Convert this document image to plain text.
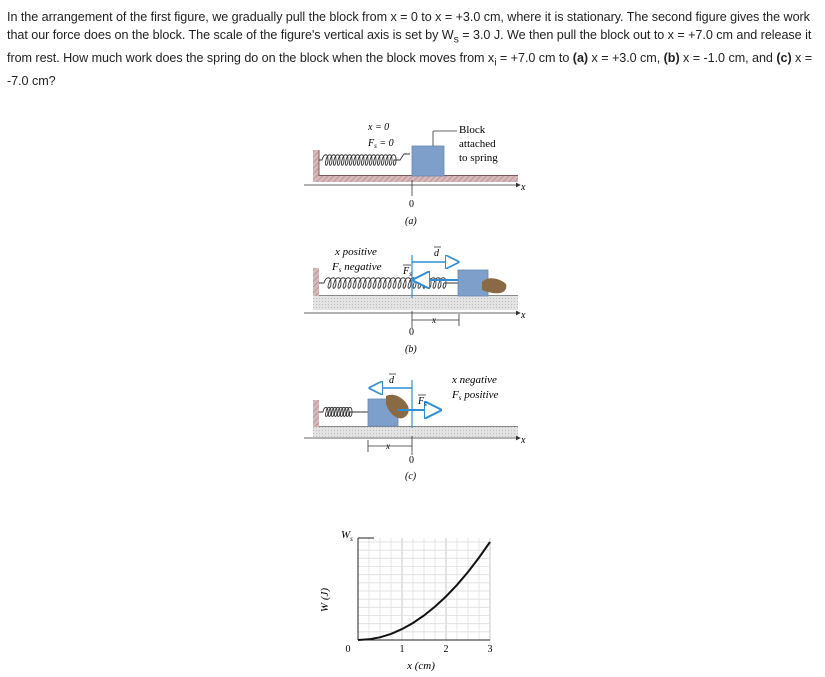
In the arrangement of the first figure, we gradually pull the block from x = 0 to x = +3.0 cm, where it is stationary. The second figure gives the work that our force does on the block. The scale of the figure's vertical axis is set by $W_s = 3.0$ J. We then pull the block out to x = +7.0 cm and release it from rest. How much work does the spring do on the block when the block moves from $x_i = +7.0$ cm to (a) x = +3.0 cm, (b) x = -1.0 cm, and (c) x = -7.0 cm?
x = 0
$F_s = 0$
Block
attached
to spring
x
0
(a)
x positive
Fs negative
d
$F_s$
x
0
x
(b)
x negative
Fs positive
d
$F_s$
x
0
x
(c)
0	1	2	3
$W_s$
W (J)
x (cm)
